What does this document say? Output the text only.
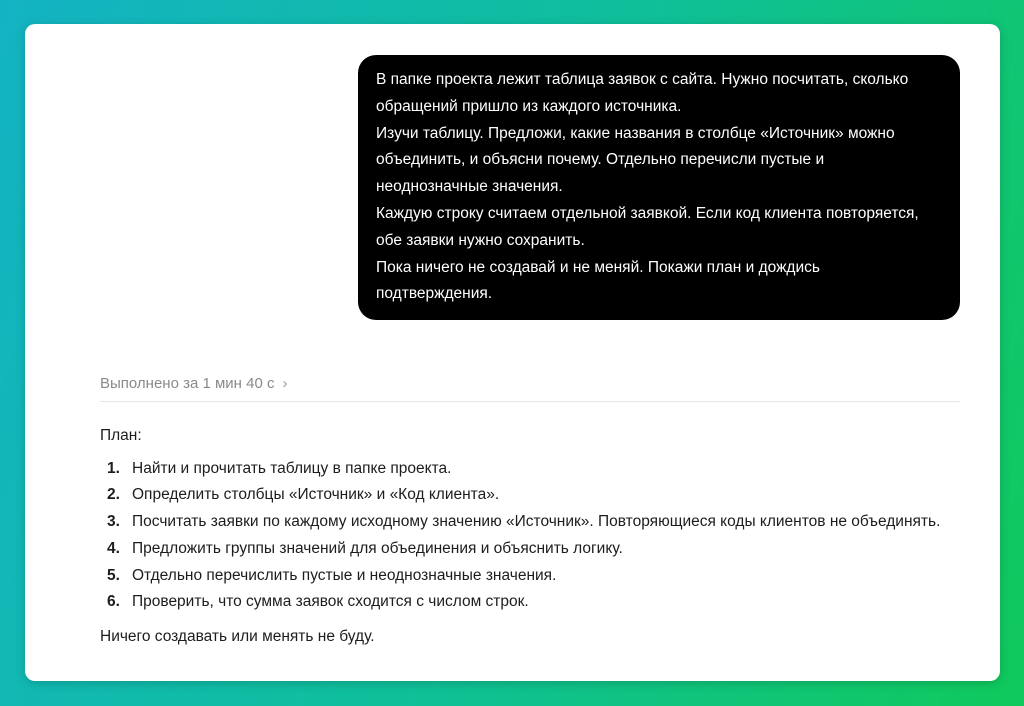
В папке проекта лежит таблица заявок с сайта. Нужно посчитать, сколько обращений пришло из каждого источника.

Изучи таблицу. Предложи, какие названия в столбце «Источник» можно объединить, и объясни почему. Отдельно перечисли пустые и неоднозначные значения.

Каждую строку считаем отдельной заявкой. Если код клиента повторяется, обе заявки нужно сохранить.

Пока ничего не создавай и не меняй. Покажи план и дождись подтверждения.

Выполнено за 1 мин 40 с ›

План:

1. Найти и прочитать таблицу в папке проекта.
2. Определить столбцы «Источник» и «Код клиента».
3. Посчитать заявки по каждому исходному значению «Источник». Повторяющиеся коды клиентов не объединять.
4. Предложить группы значений для объединения и объяснить логику.
5. Отдельно перечислить пустые и неоднозначные значения.
6. Проверить, что сумма заявок сходится с числом строк.

Ничего создавать или менять не буду.
